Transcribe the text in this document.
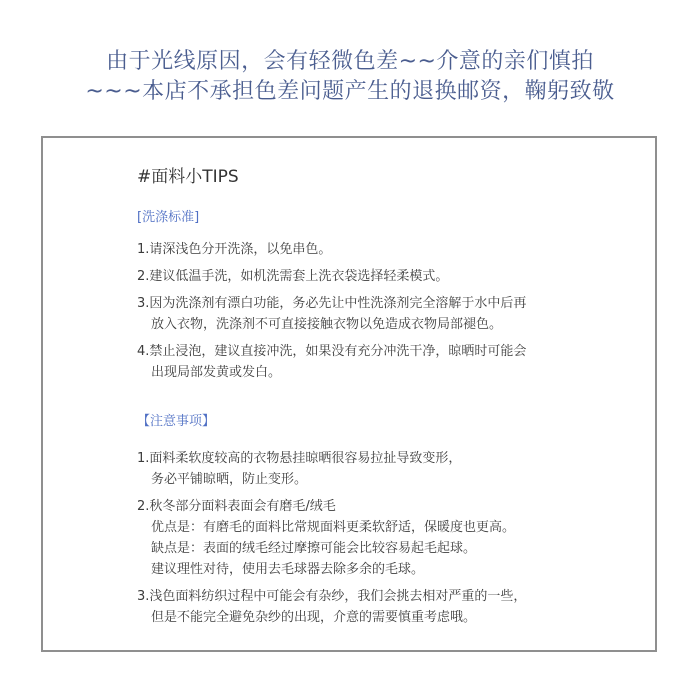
由于光线原因，会有轻微色差~~介意的亲们慎拍
~~~本店不承担色差问题产生的退换邮资，鞠躬致敬
#面料小TIPS
[洗涤标准]
1.请深浅色分开洗涤，以免串色。
2.建议低温手洗，如机洗需套上洗衣袋选择轻柔模式。
3.因为洗涤剂有漂白功能，务必先让中性洗涤剂完全溶解于水中后再
放入衣物，洗涤剂不可直接接触衣物以免造成衣物局部褪色。
4.禁止浸泡，建议直接冲洗，如果没有充分冲洗干净，晾晒时可能会
出现局部发黄或发白。
【注意事项】
1.面料柔软度较高的衣物悬挂晾晒很容易拉扯导致变形，
务必平铺晾晒，防止变形。
2.秋冬部分面料表面会有磨毛/绒毛
优点是：有磨毛的面料比常规面料更柔软舒适，保暖度也更高。
缺点是：表面的绒毛经过摩擦可能会比较容易起毛起球。
建议理性对待，使用去毛球器去除多余的毛球。
3.浅色面料纺织过程中可能会有杂纱，我们会挑去相对严重的一些，
但是不能完全避免杂纱的出现，介意的需要慎重考虑哦。
